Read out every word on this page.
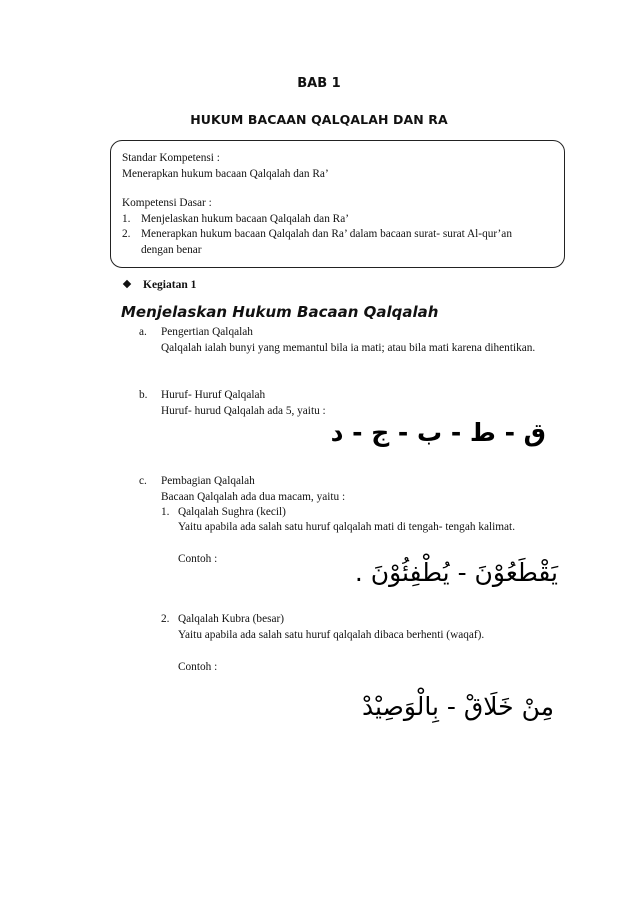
BAB 1
HUKUM BACAAN QALQALAH DAN RA

Standar Kompetensi :

Menerapkan hukum bacaan Qalqalah dan Ra’

Kompetensi Dasar :

1. Menjelaskan hukum bacaan Qalqalah dan Ra’
2. Menerapkan hukum bacaan Qalqalah dan Ra’ dalam bacaan surat- surat Al-qur’an dengan benar
Kegiatan 1
Menjelaskan Hukum Bacaan Qalqalah
a. Pengertian Qalqalah
Qalqalah ialah bunyi yang memantul bila ia mati; atau bila mati karena dihentikan.
b. Huruf- Huruf Qalqalah
Huruf- hurud Qalqalah ada 5, yaitu :
ق - ط - ب - ج - د
c. Pembagian Qalqalah
Bacaan Qalqalah ada dua macam, yaitu :
1. Qalqalah Sughra (kecil)
Yaitu apabila ada salah satu huruf qalqalah mati di tengah- tengah kalimat.
Contoh :	يَقْطَعُوْنَ - يُطْفِئُوْنَ .
2. Qalqalah Kubra (besar)
Yaitu apabila ada salah satu huruf qalqalah dibaca berhenti (waqaf).
Contoh :
مِنْ خَلَاقْ - بِالْوَصِيْدْ
